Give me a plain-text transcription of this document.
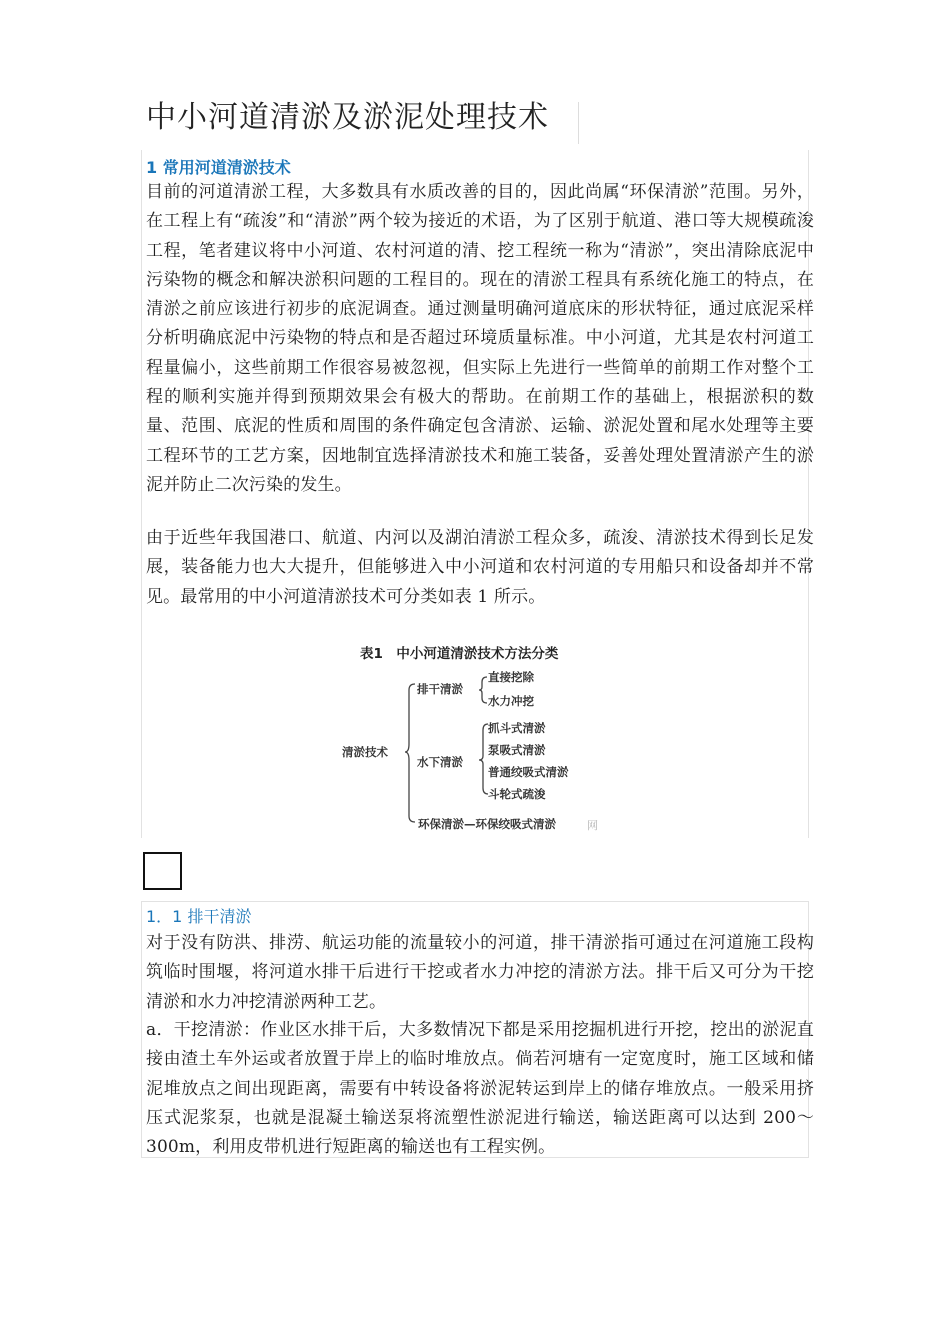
中小河道清淤及淤泥处理技术
1 常用河道清淤技术

目前的河道清淤工程，大多数具有水质改善的目的，因此尚属“环保清淤”范围。另外，在工程上有“疏浚”和“清淤”两个较为接近的术语，为了区别于航道、港口等大规模疏浚工程，笔者建议将中小河道、农村河道的清、挖工程统一称为“清淤”，突出清除底泥中污染物的概念和解决淤积问题的工程目的。现在的清淤工程具有系统化施工的特点，在清淤之前应该进行初步的底泥调查。通过测量明确河道底床的形状特征，通过底泥采样分析明确底泥中污染物的特点和是否超过环境质量标准。中小河道，尤其是农村河道工程量偏小，这些前期工作很容易被忽视，但实际上先进行一些简单的前期工作对整个工程的顺利实施并得到预期效果会有极大的帮助。在前期工作的基础上，根据淤积的数量、范围、底泥的性质和周围的条件确定包含清淤、运输、淤泥处置和尾水处理等主要工程环节的工艺方案，因地制宜选择清淤技术和施工装备，妥善处理处置清淤产生的淤泥并防止二次污染的发生。

由于近些年我国港口、航道、内河以及湖泊清淤工程众多，疏浚、清淤技术得到长足发展，装备能力也大大提升，但能够进入中小河道和农村河道的专用船只和设备却并不常见。最常用的中小河道清淤技术可分类如表 1 所示。

表1　中小河道清淤技术方法分类
清淤技术
排干清淤
直接挖除
水力冲挖
水下清淤
抓斗式清淤
泵吸式清淤
普通绞吸式清淤
斗轮式疏浚
环保清淤—环保绞吸式清淤	网
1．1 排干清淤

对于没有防洪、排涝、航运功能的流量较小的河道，排干清淤指可通过在河道施工段构筑临时围堰，将河道水排干后进行干挖或者水力冲挖的清淤方法。排干后又可分为干挖清淤和水力冲挖清淤两种工艺。

a．干挖清淤：作业区水排干后，大多数情况下都是采用挖掘机进行开挖，挖出的淤泥直接由渣土车外运或者放置于岸上的临时堆放点。倘若河塘有一定宽度时，施工区域和储泥堆放点之间出现距离，需要有中转设备将淤泥转运到岸上的储存堆放点。一般采用挤压式泥浆泵，也就是混凝土输送泵将流塑性淤泥进行输送，输送距离可以达到 200～300m，利用皮带机进行短距离的输送也有工程实例。
